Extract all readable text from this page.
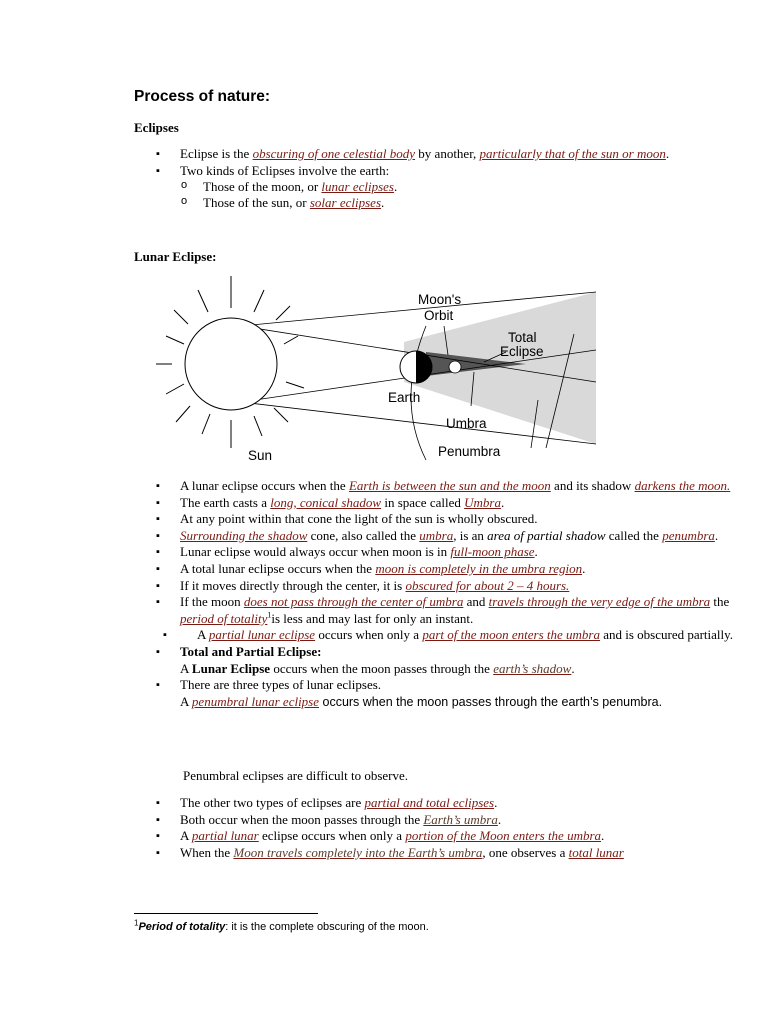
Process of nature:
Eclipses
▪ Eclipse is the obscuring of one celestial body by another, particularly that of the sun or moon.
▪ Two kinds of Eclipses involve the earth:
o Those of the moon, or lunar eclipses.
o Those of the sun, or solar eclipses.
Lunar Eclipse:
Sun
Moon's
Orbit
Total
Eclipse
Earth
Umbra
Penumbra
▪ A lunar eclipse occurs when the Earth is between the sun and the moon and its shadow darkens the moon.
▪ The earth casts a long, conical shadow in space called Umbra.
▪ At any point within that cone the light of the sun is wholly obscured.
▪ Surrounding the shadow cone, also called the umbra, is an area of partial shadow called the penumbra.
▪ Lunar eclipse would always occur when moon is in full-moon phase.
▪ A total lunar eclipse occurs when the moon is completely in the umbra region.
▪ If it moves directly through the center, it is obscured for about 2 – 4 hours.
▪ If the moon does not pass through the center of umbra and travels through the very edge of the umbra the period of totality$^1$is less and may last for only an instant.
▪ A partial lunar eclipse occurs when only a part of the moon enters the umbra and is obscured partially.
▪ Total and Partial Eclipse:
A Lunar Eclipse occurs when the moon passes through the earth’s shadow.
▪ There are three types of lunar eclipses.
A penumbral lunar eclipse occurs when the moon passes through the earth’s penumbra.
Penumbral eclipses are difficult to observe.
▪ The other two types of eclipses are partial and total eclipses.
▪ Both occur when the moon passes through the Earth’s umbra.
▪ A partial lunar eclipse occurs when only a portion of the Moon enters the umbra.
▪ When the Moon travels completely into the Earth’s umbra, one observes a total lunar
$^1$Period of totality: it is the complete obscuring of the moon.
